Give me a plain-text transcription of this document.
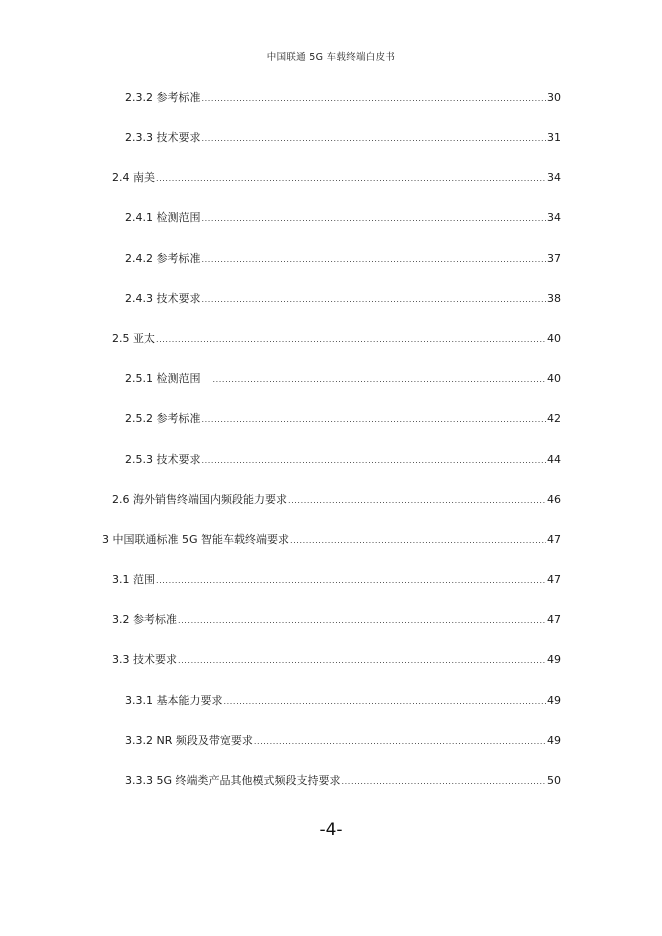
中国联通 5G 车载终端白皮书
2.3.2 参考标准 .....	30
2.3.3 技术要求 .....	31
2.4 南美 .....	34
2.4.1 检测范围 .....	34
2.4.2 参考标准 .....	37
2.4.3 技术要求 .....	38
2.5 亚太 .....	40
2.5.1 检测范围　 .....	40
2.5.2 参考标准 .....	42
2.5.3 技术要求 .....	44
2.6 海外销售终端国内频段能力要求 .....	46
3 中国联通标准 5G 智能车载终端要求 .....	47
3.1 范围 .....	47
3.2 参考标准 .....	47
3.3 技术要求 .....	49
3.3.1 基本能力要求 .....	49
3.3.2 NR 频段及带宽要求 .....	49
3.3.3 5G 终端类产品其他模式频段支持要求 .....	50
-4-
